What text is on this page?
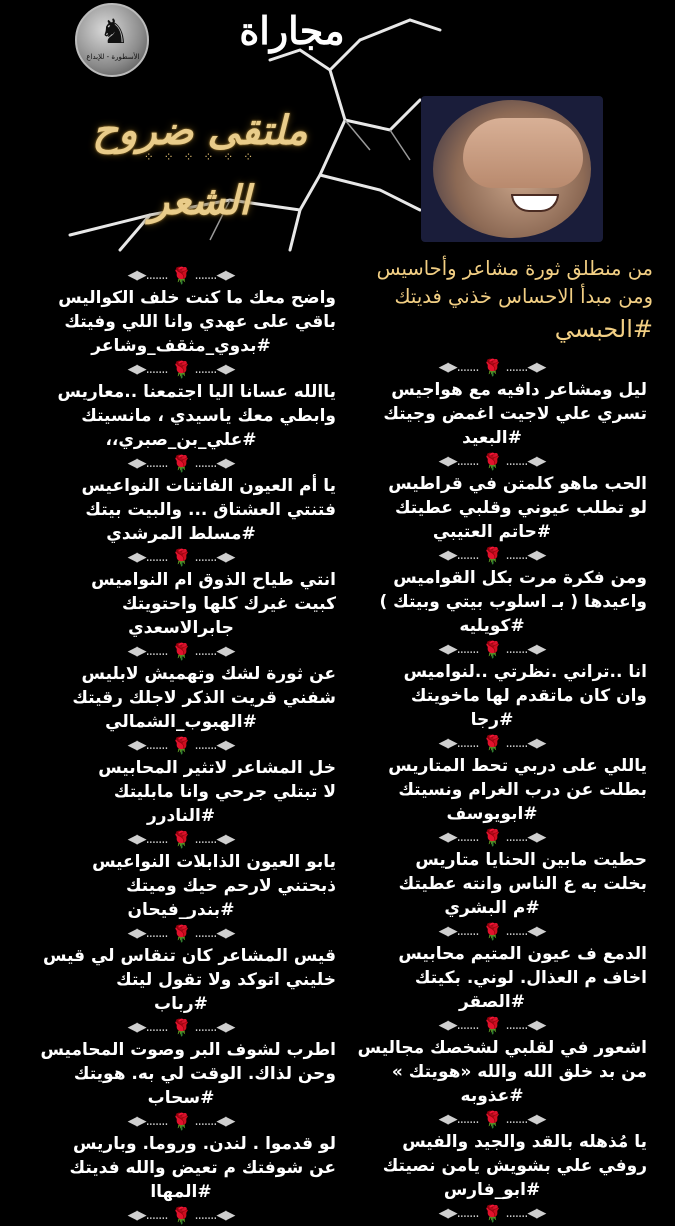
♞
الأسطورة - للإبداع
مجاراة
ملتقى ضروح الشعر
⁘ ⁘ ⁘ ⁘ ⁘ ⁘
من منطلق ثورة مشاعر وأحاسيس
ومن مبدأ الاحساس خذني فديتك
#الحبسي
◀▶....... 🌹 .......◀▶
ليل ومشاعر دافيه مع هواجيس
تسري علي لاجيت اغمض وجيتك
#البعيد
◀▶....... 🌹 .......◀▶
الحب ماهو كلمتن في قراطيس
لو تطلب عيوني وقلبي عطيتك
#حاتم العتيبي
◀▶....... 🌹 .......◀▶
ومن فكرة مرت بكل القواميس
واعيدها ( بـ اسلوب بيتي وبيتك )
#كويليه
◀▶....... 🌹 .......◀▶
انا ..تراني .نظرتي ..لنواميس
وان كان ماتقدم لها ماخويتك
#رجا
◀▶....... 🌹 .......◀▶
ياللي على دربي تحط المتاريس
بطلت عن درب الغرام ونسيتك
#ابويوسف
◀▶....... 🌹 .......◀▶
حطيت مابين الحنايا متاريس
بخلت به ع الناس وانته عطيتك
#م البشري
◀▶....... 🌹 .......◀▶
الدمع ف عيون المتيم محابيس
اخاف م العذال. لوني. بكيتك
#الصقر
◀▶....... 🌹 .......◀▶
اشعور في لقلبي لشخصك مجاليس
من بد خلق الله والله «هويتك »
#عذوبه
◀▶....... 🌹 .......◀▶
يا مُذهله بالقد والجيد والفيس
روفي علي بشويش يامن نصيتك
#ابو_فارس
◀▶....... 🌹 .......◀▶
◀▶....... 🌹 .......◀▶
واضح معك ما كنت خلف الكواليس
باقي على عهدي وانا اللي وفيتك
#بدوي_مثقف_وشاعر
◀▶....... 🌹 .......◀▶
ياالله عسانا اليا اجتمعنا ..معاريس
وابطي معك ياسيدي ، مانسيتك
#علي_بن_صبري،،
◀▶....... 🌹 .......◀▶
يا أم العيون الفاتنات النواعيس
فتنتي العشتاق ... والبيت بيتك
#مسلط المرشدي
◀▶....... 🌹 .......◀▶
انتي طياح الذوق ام النواميس
كبيت غيرك كلها واحتويتك
جابرالاسعدي
◀▶....... 🌹 .......◀▶
عن ثورة لشك وتهميش لابليس
شفني قريت الذكر لاجلك رقيتك
#الهبوب_الشمالي
◀▶....... 🌹 .......◀▶
خل المشاعر لاتثير المحابيس
لا تبتلي جرحي وانا مابليتك
#النادرر
◀▶....... 🌹 .......◀▶
يابو العيون الذابلات النواعيس
ذبحتني لارحم حيك وميتك
#بندر_فيحان
◀▶....... 🌹 .......◀▶
قيس المشاعر كان تنقاس لي قيس
خليني اتوكد ولا تقول ليتك
#رباب
◀▶....... 🌹 .......◀▶
اطرب لشوف البر وصوت المحاميس
وحن لذاك. الوقت لي به. هويتك
#سحاب
◀▶....... 🌹 .......◀▶
لو قدموا . لندن. وروما. وباريس
عن شوفتك م تعيض والله فديتك
#المهاا
◀▶....... 🌹 .......◀▶
